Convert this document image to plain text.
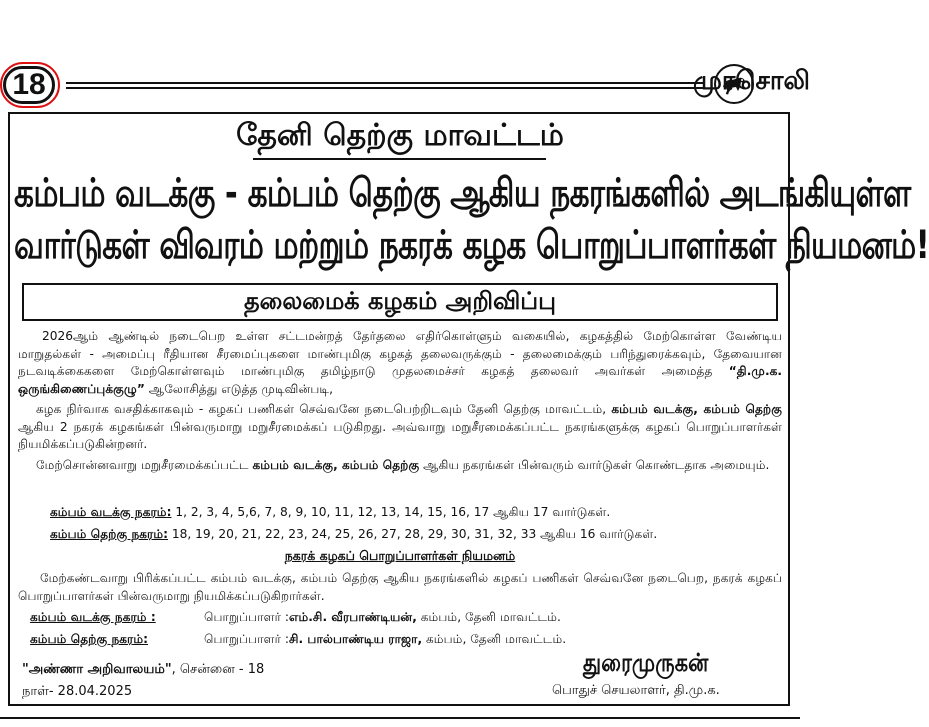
18	முரசொலி
தேனி தெற்கு மாவட்டம்
கம்பம் வடக்கு - கம்பம் தெற்கு ஆகிய நகரங்களில் அடங்கியுள்ள
வார்டுகள் விவரம் மற்றும் நகரக் கழக பொறுப்பாளர்கள் நியமனம்!
தலைமைக் கழகம் அறிவிப்பு
2026ஆம் ஆண்டில் நடைபெற உள்ள சட்டமன்றத் தேர்தலை எதிர்கொள்ளும் வகையில், கழகத்தில் மேற்கொள்ள வேண்டிய மாறுதல்கள் - அமைப்பு ரீதியான சீரமைப்புகளை மாண்புமிகு கழகத் தலைவருக்கும் - தலைமைக்கும் பரிந்துரைக்கவும், தேவையான நடவடிக்கைகளை மேற்கொள்ளவும் மாண்புமிகு தமிழ்நாடு முதலமைச்சர் கழகத் தலைவர் அவர்கள் அமைத்த “தி.மு.க. ஒருங்கிணைப்புக்குழு” ஆலோசித்து எடுத்த முடிவின்படி,
கழக நிர்வாக வசதிக்காகவும் - கழகப் பணிகள் செவ்வனே நடைபெற்றிடவும் தேனி தெற்கு மாவட்டம், கம்பம் வடக்கு, கம்பம் தெற்கு ஆகிய 2 நகரக் கழகங்கள் பின்வருமாறு மறுசீரமைக்கப் படுகிறது. அவ்வாறு மறுசீரமைக்கப்பட்ட நகரங்களுக்கு கழகப் பொறுப்பாளர்கள் நியமிக்கப்படுகின்றனர்.
மேற்சொன்னவாறு மறுசீரமைக்கப்பட்ட கம்பம் வடக்கு, கம்பம் தெற்கு ஆகிய நகரங்கள் பின்வரும் வார்டுகள் கொண்டதாக அமையும்.
கம்பம் வடக்கு நகரம்: 1, 2, 3, 4, 5,6, 7, 8, 9, 10, 11, 12, 13, 14, 15, 16, 17 ஆகிய 17 வார்டுகள்.
கம்பம் தெற்கு நகரம்: 18, 19, 20, 21, 22, 23, 24, 25, 26, 27, 28, 29, 30, 31, 32, 33 ஆகிய 16 வார்டுகள்.
நகரக் கழகப் பொறுப்பாளர்கள் நியமனம்
மேற்கண்டவாறு பிரிக்கப்பட்ட கம்பம் வடக்கு, கம்பம் தெற்கு ஆகிய நகரங்களில் கழகப் பணிகள் செவ்வனே நடைபெற, நகரக் கழகப் பொறுப்பாளர்கள் பின்வருமாறு நியமிக்கப்படுகிறார்கள்.
கம்பம் வடக்கு நகரம் :	பொறுப்பாளர் :எம்.சி. வீரபாண்டியன், கம்பம், தேனி மாவட்டம்.
கம்பம் தெற்கு நகரம்:	பொறுப்பாளர் :சி. பால்பாண்டிய ராஜா, கம்பம், தேனி மாவட்டம்.
"அண்ணா அறிவாலயம்", சென்னை - 18
நாள்- 28.04.2025
துரைமுருகன்
பொதுச் செயலாளர், தி.மு.க.
